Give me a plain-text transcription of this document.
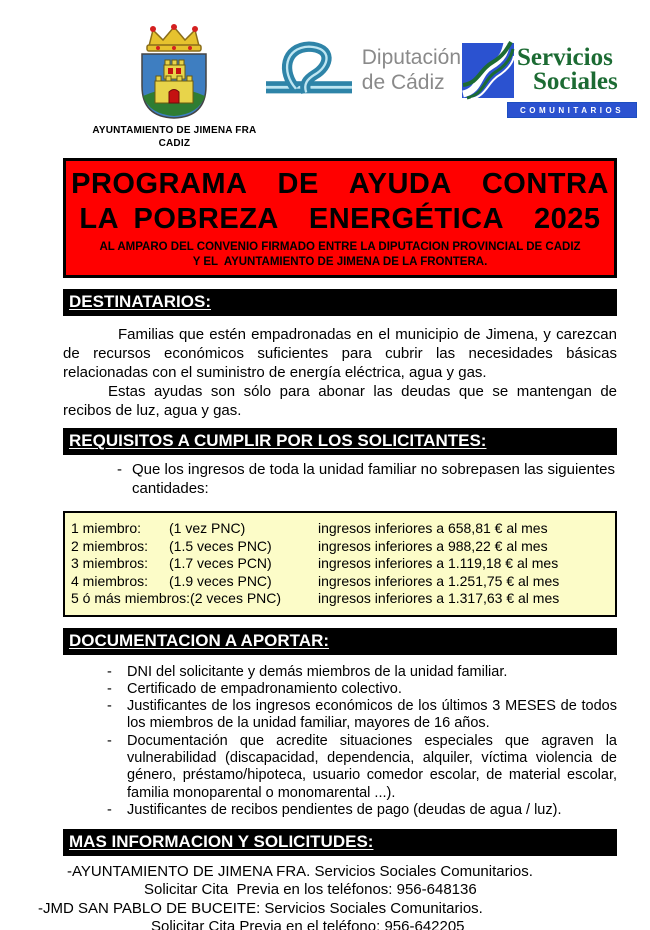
AYUNTAMIENTO DE JIMENA FRA
CADIZ
Diputación
de Cádiz
Servicios
Sociales
COMUNITARIOS
PROGRAMA  DE  AYUDA  CONTRA
LA POBREZA  ENERGÉTICA  2025
AL AMPARO DEL CONVENIO FIRMADO ENTRE LA DIPUTACION PROVINCIAL DE CADIZ
Y EL  AYUNTAMIENTO DE JIMENA DE LA FRONTERA.
DESTINATARIOS:

Familias que estén empadronadas en el municipio de Jimena, y carezcan de recursos económicos suficientes para cubrir las necesidades básicas relacionadas con el suministro de energía eléctrica, agua y gas.

Estas ayudas son sólo para abonar las deudas que se mantengan de recibos de luz, agua y gas.

REQUISITOS A CUMPLIR POR LOS SOLICITANTES:
- Que los ingresos de toda la unidad familiar no sobrepasen las siguientes cantidades:
1 miembro:	(1 vez PNC)	ingresos inferiores a 658,81 € al mes
2 miembros:	(1.5 veces PNC)	ingresos inferiores a 988,22 € al mes
3 miembros:	(1.7 veces PCN)	ingresos inferiores a 1.119,18 € al mes
4 miembros:	(1.9 veces PNC)	ingresos inferiores a 1.251,75 € al mes
5 ó más miembros: (2 veces PNC)	ingresos inferiores a 1.317,63 € al mes
DOCUMENTACION A APORTAR:
- DNI del solicitante y demás miembros de la unidad familiar.
- Certificado de empadronamiento colectivo.
- Justificantes de los ingresos económicos de los últimos 3 MESES de todos los miembros de la unidad familiar, mayores de 16 años.
- Documentación que acredite situaciones especiales que agraven la vulnerabilidad (discapacidad, dependencia, alquiler, víctima violencia de género, préstamo/hipoteca, usuario comedor escolar, de material escolar, familia monoparental o monomarental ...).
- Justificantes de recibos pendientes de pago (deudas de agua / luz).
MAS INFORMACION Y SOLICITUDES:
-AYUNTAMIENTO DE JIMENA FRA. Servicios Sociales Comunitarios.
Solicitar Cita  Previa en los teléfonos: 956-648136
-JMD SAN PABLO DE BUCEITE: Servicios Sociales Comunitarios.
Solicitar Cita Previa en el teléfono: 956-642205
